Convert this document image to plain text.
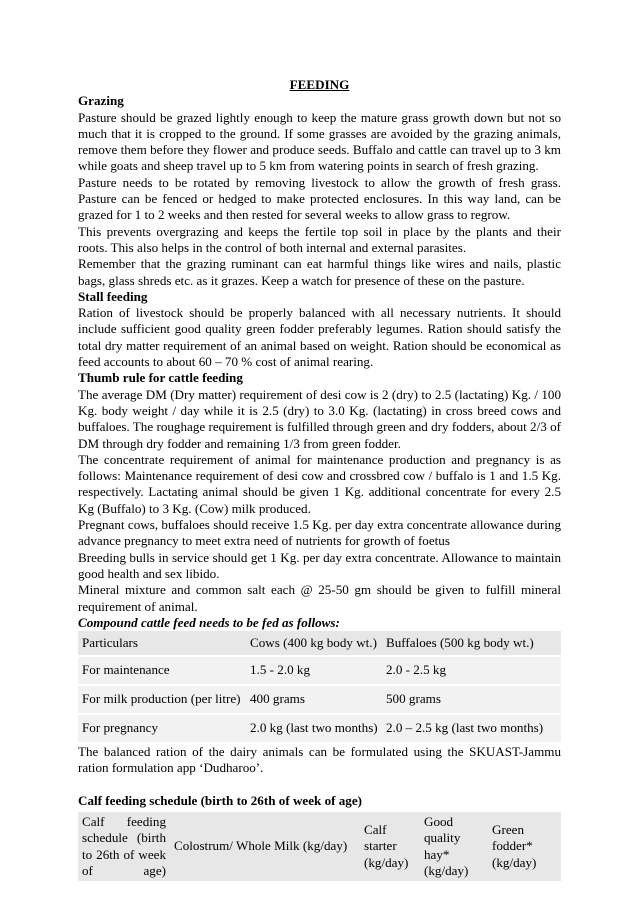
FEEDING

Grazing

Pasture should be grazed lightly enough to keep the mature grass growth down but not so much that it is cropped to the ground. If some grasses are avoided by the grazing animals, remove them before they flower and produce seeds. Buffalo and cattle can travel up to 3 km while goats and sheep travel up to 5 km from watering points in search of fresh grazing.

Pasture needs to be rotated by removing livestock to allow the growth of fresh grass. Pasture can be fenced or hedged to make protected enclosures. In this way land, can be grazed for 1 to 2 weeks and then rested for several weeks to allow grass to regrow.

This prevents overgrazing and keeps the fertile top soil in place by the plants and their roots. This also helps in the control of both internal and external parasites.

Remember that the grazing ruminant can eat harmful things like wires and nails, plastic bags, glass shreds etc. as it grazes. Keep a watch for presence of these on the pasture.

Stall feeding

Ration of livestock should be properly balanced with all necessary nutrients. It should include sufficient good quality green fodder preferably legumes. Ration should satisfy the total dry matter requirement of an animal based on weight. Ration should be economical as feed accounts to about 60 – 70 % cost of animal rearing.

Thumb rule for cattle feeding

The average DM (Dry matter) requirement of desi cow is 2 (dry) to 2.5 (lactating) Kg. / 100 Kg. body weight / day while it is 2.5 (dry) to 3.0 Kg. (lactating) in cross breed cows and buffaloes. The roughage requirement is fulfilled through green and dry fodders, about 2/3 of DM through dry fodder and remaining 1/3 from green fodder.

The concentrate requirement of animal for maintenance production and pregnancy is as follows: Maintenance requirement of desi cow and crossbred cow / buffalo is 1 and 1.5 Kg. respectively. Lactating animal should be given 1 Kg. additional concentrate for every 2.5 Kg (Buffalo) to 3 Kg. (Cow) milk produced.

Pregnant cows, buffaloes should receive 1.5 Kg. per day extra concentrate allowance during advance pregnancy to meet extra need of nutrients for growth of foetus

Breeding bulls in service should get 1 Kg. per day extra concentrate. Allowance to maintain good health and sex libido.

Mineral mixture and common salt each @ 25-50 gm should be given to fulfill mineral requirement of animal.

Compound cattle feed needs to be fed as follows:

Particulars	Cows (400 kg body wt.)	Buffaloes (500 kg body wt.)
For maintenance	1.5 - 2.0 kg	2.0 - 2.5 kg
For milk production (per litre)	400 grams	500 grams
For pregnancy	2.0 kg (last two months)	2.0 – 2.5 kg (last two months)

The balanced ration of the dairy animals can be formulated using the SKUAST-Jammu ration formulation app ‘Dudharoo’.

Calf feeding schedule (birth to 26th of week of age)

Calf feeding schedule (birth to 26th of week of age)	Colostrum/ Whole Milk (kg/day)	Calf starter (kg/day)	Good quality hay* (kg/day)	Green fodder* (kg/day)
